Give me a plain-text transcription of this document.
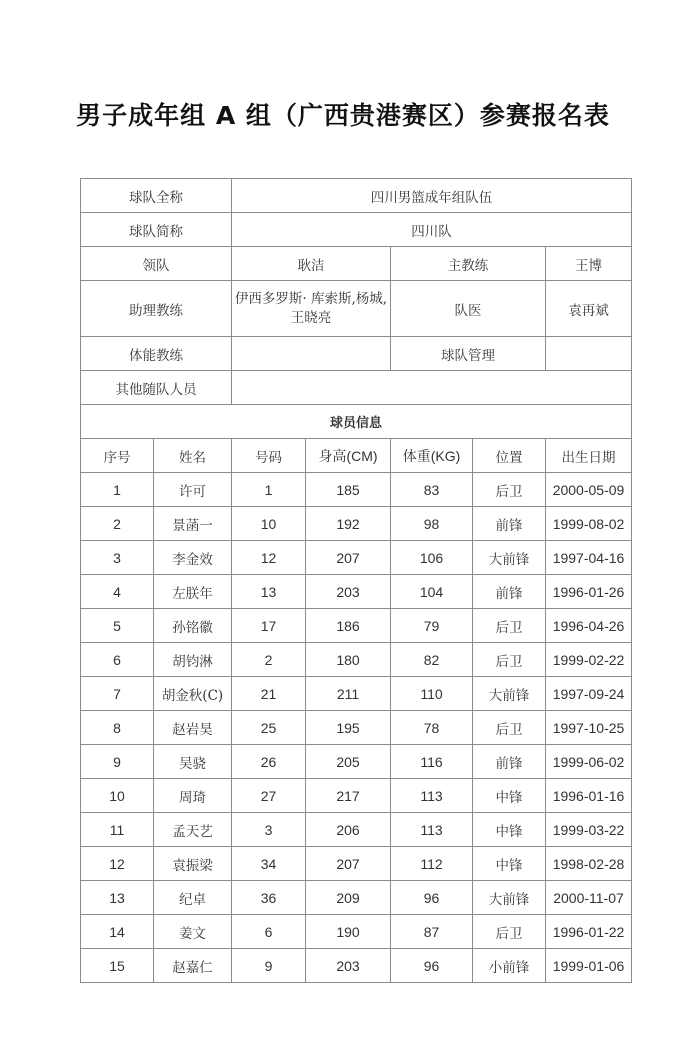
男子成年组 A 组（广西贵港赛区）参赛报名表
球队全称		四川男篮成年组队伍				
球队简称		四川队				
领队		耿洁		主教练		王博
助理教练		伊西多罗斯· 库索斯,杨城,王晓亮		队医		袁再斌
体能教练				球队管理		
其他随队人员						
球员信息						
序号	姓名	号码	身高(CM)	体重(KG)	位置	出生日期
1	许可	1	185	83	后卫	2000-05-09
2	景菡一	10	192	98	前锋	1999-08-02
3	李金效	12	207	106	大前锋	1997-04-16
4	左朕年	13	203	104	前锋	1996-01-26
5	孙铭徽	17	186	79	后卫	1996-04-26
6	胡钧淋	2	180	82	后卫	1999-02-22
7	胡金秋(C)	21	211	110	大前锋	1997-09-24
8	赵岩昊	25	195	78	后卫	1997-10-25
9	吴骁	26	205	116	前锋	1999-06-02
10	周琦	27	217	113	中锋	1996-01-16
11	孟天艺	3	206	113	中锋	1999-03-22
12	袁振梁	34	207	112	中锋	1998-02-28
13	纪卓	36	209	96	大前锋	2000-11-07
14	姜文	6	190	87	后卫	1996-01-22
15	赵嘉仁	9	203	96	小前锋	1999-01-06
